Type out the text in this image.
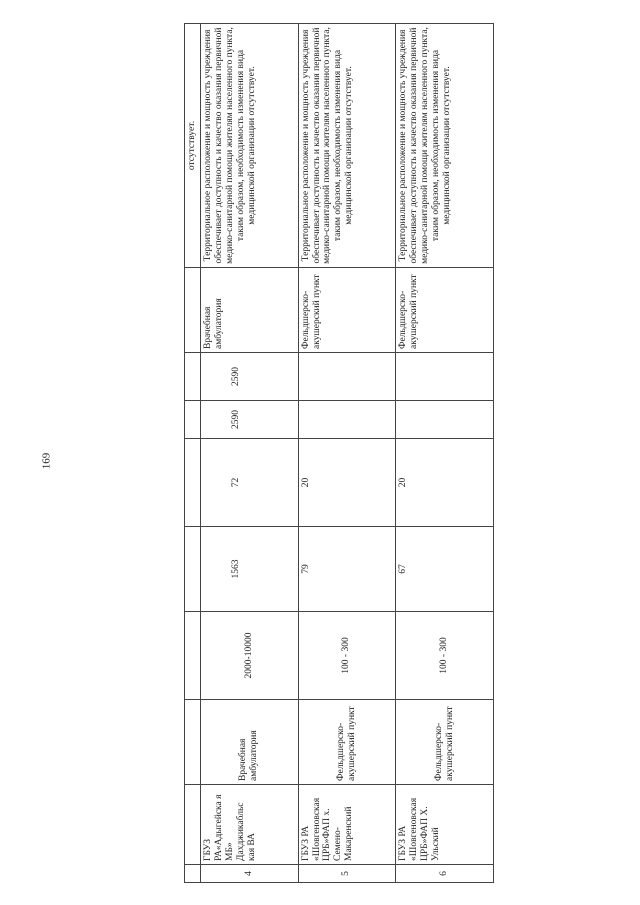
169
									отсутствует.
4	ГБУЗ РА«Адыгейска я МБ» Дахджикабльс кая ВА	Врачебная амбулатория	2000-10000	1563	72	2590	2590	Врачебная амбулатория	Территориальное расположение и мощность учреждения обеспечивает доступность и качество оказания первичной медико-санитарной помощи жителям населенного пункта, таким образом, необходимость изменения вида медицинской организации отсутствует.
5	ГБУЗ РА «Шовгеновская ЦРБ»ФАП х. Семено-Макаренский	Фельдшерско-акушерский пункт	100 - 300	79	20			Фельдшерско-акушерский пункт	Территориальное расположение и мощность учреждения обеспечивает доступность и качество оказания первичной медико-санитарной помощи жителям населенного пункта, таким образом, необходимость изменения вида медицинской организации отсутствует.
6	ГБУЗ РА «Шовгеновская ЦРБ»ФАП Х. Ульский	Фельдшерско-акушерский пункт	100 - 300	67	20			Фельдшерско-акушерский пункт	Территориальное расположение и мощность учреждения обеспечивает доступность и качество оказания первичной медико-санитарной помощи жителям населенного пункта, таким образом, необходимость изменения вида медицинской организации отсутствует.
